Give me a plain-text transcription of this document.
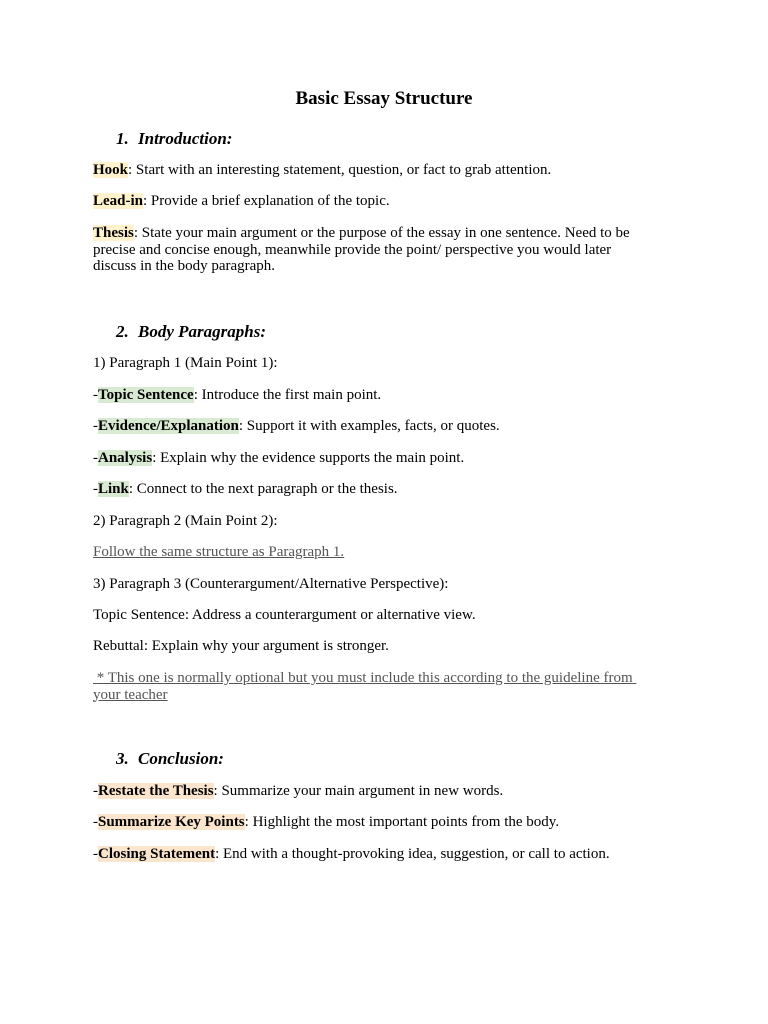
Basic Essay Structure
1. Introduction:
Hook: Start with an interesting statement, question, or fact to grab attention.
Lead-in: Provide a brief explanation of the topic.
Thesis: State your main argument or the purpose of the essay in one sentence. Need to be precise and concise enough, meanwhile provide the point/ perspective you would later discuss in the body paragraph.
2. Body Paragraphs:
1) Paragraph 1 (Main Point 1):
-Topic Sentence: Introduce the first main point.
-Evidence/Explanation: Support it with examples, facts, or quotes.
-Analysis: Explain why the evidence supports the main point.
-Link: Connect to the next paragraph or the thesis.
2) Paragraph 2 (Main Point 2):
Follow the same structure as Paragraph 1.
3) Paragraph 3 (Counterargument/Alternative Perspective):
Topic Sentence: Address a counterargument or alternative view.
Rebuttal: Explain why your argument is stronger.
* This one is normally optional but you must include this according to the guideline from your teacher
3. Conclusion:
-Restate the Thesis: Summarize your main argument in new words.
-Summarize Key Points: Highlight the most important points from the body.
-Closing Statement: End with a thought-provoking idea, suggestion, or call to action.
